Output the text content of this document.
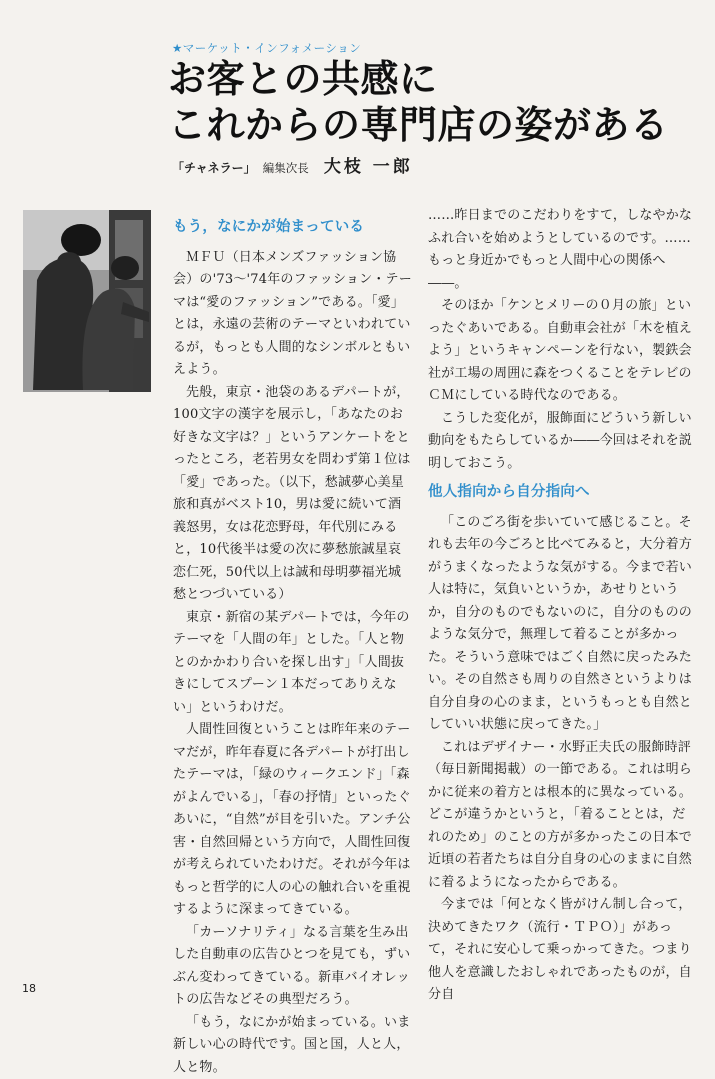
★マーケット・インフォメーション
お客との共感に
これからの専門店の姿がある
「チャネラー」 編集次長 大枝 一郎
もう，なにかが始まっている

ＭＦＵ（日本メンズファッション協会）の'73〜'74年のファッション・テーマは“愛のファッション”である。「愛」とは，永遠の芸術のテーマといわれているが，もっとも人間的なシンボルともいえよう。

先般，東京・池袋のあるデパートが，100文字の漢字を展示し，「あなたのお好きな文字は？」というアンケートをとったところ，老若男女を問わず第１位は「愛」であった。（以下，愁誠夢心美星旅和真がベスト10，男は愛に続いて酒義怒男，女は花恋野母，年代別にみると，10代後半は愛の次に夢愁旅誠星哀恋仁死，50代以上は誠和母明夢福光城愁とつづいている）

東京・新宿の某デパートでは，今年のテーマを「人間の年」とした。「人と物とのかかわり合いを探し出す」「人間抜きにしてスプーン１本だってありえない」というわけだ。

人間性回復ということは昨年来のテーマだが，昨年春夏に各デパートが打出したテーマは，「緑のウィークエンド」「森がよんでいる」，「春の抒情」といったぐあいに，“自然”が目を引いた。アンチ公害・自然回帰という方向で，人間性回復が考えられていたわけだ。それが今年はもっと哲学的に人の心の触れ合いを重視するように深まってきている。

「カーソナリティ」なる言葉を生み出した自動車の広告ひとつを見ても，ずいぶん変わってきている。新車バイオレットの広告などその典型だろう。

「もう，なにかが始まっている。いま新しい心の時代です。国と国，人と人，人と物。

……昨日までのこだわりをすて，しなやかなふれ合いを始めようとしているのです。……もっと身近かでもっと人間中心の関係へ――。

そのほか「ケンとメリーの０月の旅」といったぐあいである。自動車会社が「木を植えよう」というキャンペーンを行ない，製鉄会社が工場の周囲に森をつくることをテレビのＣＭにしている時代なのである。

こうした変化が，服飾面にどういう新しい動向をもたらしているか――今回はそれを説明しておこう。

他人指向から自分指向へ

「このごろ街を歩いていて感じること。それも去年の今ごろと比べてみると，大分着方がうまくなったような気がする。今まで若い人は特に，気負いというか，あせりというか，自分のものでもないのに，自分のもののような気分で，無理して着ることが多かった。そういう意味ではごく自然に戻ったみたい。その自然さも周りの自然さというよりは自分自身の心のまま，というもっとも自然としていい状態に戻ってきた。」

これはデザイナー・水野正夫氏の服飾時評（毎日新聞掲載）の一節である。これは明らかに従来の着方とは根本的に異なっている。どこが違うかというと，「着ることとは，だれのため」のことの方が多かったこの日本で近頃の若者たちは自分自身の心のままに自然に着るようになったからである。

今までは「何となく皆がけん制し合って，決めてきたワク（流行・ＴＰＯ）」があって，それに安心して乗っかってきた。つまり他人を意識したおしゃれであったものが，自分自

18
